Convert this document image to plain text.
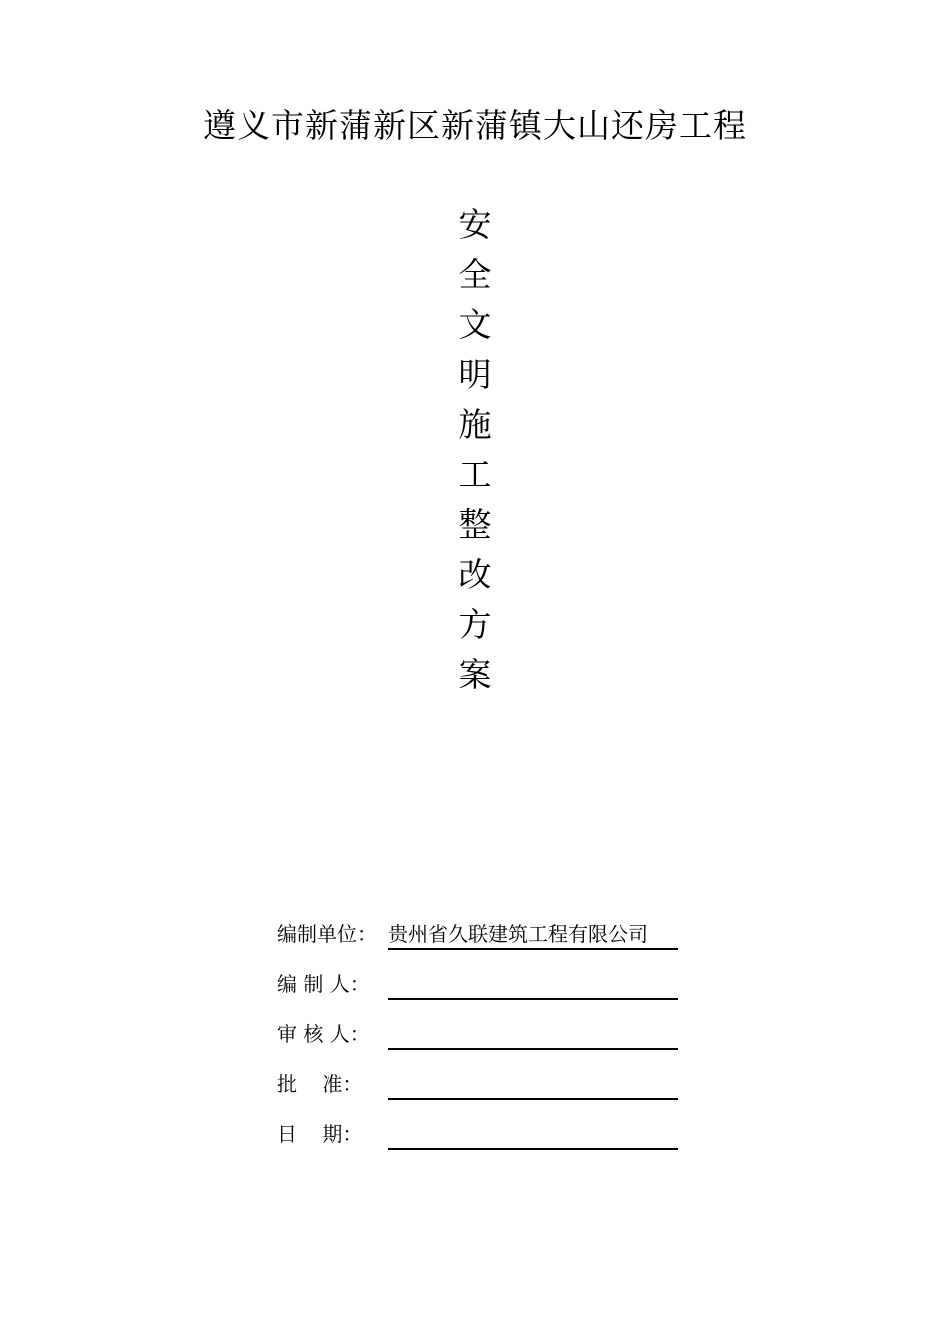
遵义市新蒲新区新蒲镇大山还房工程
安
全
文
明
施
工
整
改
方
案
编制单位： 贵州省久联建筑工程有限公司
编 制 人：
审 核 人：
批    准：
日    期：
